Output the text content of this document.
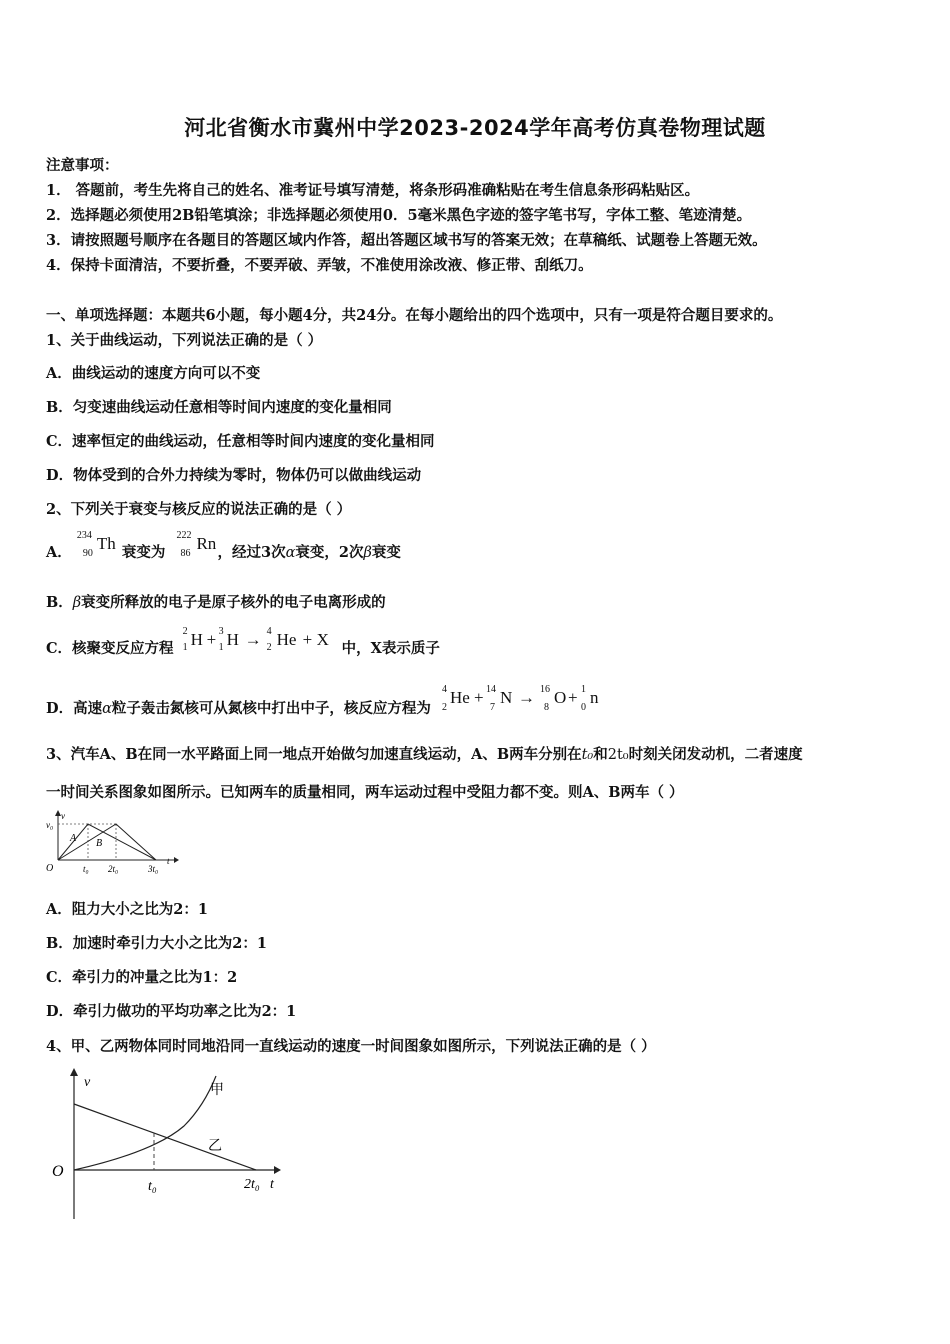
河北省衡水市冀州中学2023-2024学年高考仿真卷物理试题
注意事项：
1． 答题前，考生先将自己的姓名、准考证号填写清楚，将条形码准确粘贴在考生信息条形码粘贴区。
2．选择题必须使用2B铅笔填涂；非选择题必须使用0．5毫米黑色字迹的签字笔书写，字体工整、笔迹清楚。
3．请按照题号顺序在各题目的答题区域内作答，超出答题区域书写的答案无效；在草稿纸、试题卷上答题无效。
4．保持卡面清洁，不要折叠，不要弄破、弄皱，不准使用涂改液、修正带、刮纸刀。
一、单项选择题：本题共6小题，每小题4分，共24分。在每小题给出的四个选项中，只有一项是符合题目要求的。
1、关于曲线运动，下列说法正确的是（ ）
A．曲线运动的速度方向可以不变
B．匀变速曲线运动任意相等时间内速度的变化量相同
C．速率恒定的曲线运动，任意相等时间内速度的变化量相同
D．物体受到的合外力持续为零时，物体仍可以做曲线运动
2、下列关于衰变与核反应的说法正确的是（ ）
A．
234
90
Th 衰变为
222
86
Rn ，经过3次α衰变，2次β衰变
B．β衰变所释放的电子是原子核外的电子电离形成的
C．核聚变反应方程
2
1 H + 3
1 H → 4
2 He + X 中，X表示质子
D．高速α粒子轰击氮核可从氮核中打出中子，核反应方程为
4
2
He + 14
7
N → 16
8
O + 1
0
n

3、汽车A、B在同一水平路面上同一地点开始做匀加速直线运动，A、B两车分别在t₀和2t₀时刻关闭发动机，二者速度
一时间关系图象如图所示。已知两车的质量相同，两车运动过程中受阻力都不变。则A、B两车（ ）
v₀
v
O
A B
t₀ 2t₀	3t₀
t
A．阻力大小之比为2：1
B．加速时牵引力大小之比为2：1
C．牵引力的冲量之比为1：2
D．牵引力做功的平均功率之比为2：1
4、甲、乙两物体同时同地沿同一直线运动的速度一时间图象如图所示，下列说法正确的是（ ）
v
O
甲
乙
t₀	2t₀ t
